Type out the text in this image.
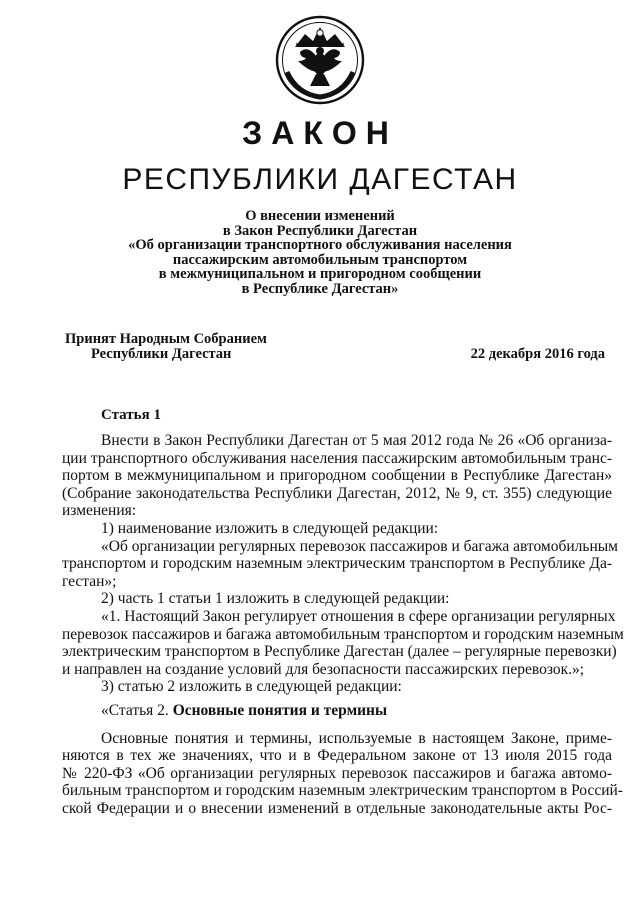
ЗАКОН
РЕСПУБЛИКИ ДАГЕСТАН
О внесении изменений
в Закон Республики Дагестан
«Об организации транспортного обслуживания населения
пассажирским автомобильным транспортом
в межмуниципальном и пригородном сообщении
в Республике Дагестан»
Принят Народным Собранием
Республики Дагестан	22 декабря 2016 года
Статья 1
Внести в Закон Республики Дагестан от 5 мая 2012 года № 26 «Об организа-
ции транспортного обслуживания населения пассажирским автомобильным транс-
портом в межмуниципальном и пригородном сообщении в Республике Дагестан»
(Собрание законодательства Республики Дагестан, 2012, № 9, ст. 355) следующие
изменения:
1) наименование изложить в следующей редакции:
«Об организации регулярных перевозок пассажиров и багажа автомобильным
транспортом и городским наземным электрическим транспортом в Республике Да-
гестан»;
2) часть 1 статьи 1 изложить в следующей редакции:
«1. Настоящий Закон регулирует отношения в сфере организации регулярных
перевозок пассажиров и багажа автомобильным транспортом и городским наземным
электрическим транспортом в Республике Дагестан (далее – регулярные перевозки)
и направлен на создание условий для безопасности пассажирских перевозок.»;
3) статью 2 изложить в следующей редакции:
«Статья 2. Основные понятия и термины
Основные понятия и термины, используемые в настоящем Законе, приме-
няются в тех же значениях, что и в Федеральном законе от 13 июля 2015 года
№ 220-ФЗ «Об организации регулярных перевозок пассажиров и багажа автомо-
бильным транспортом и городским наземным электрическим транспортом в Россий-
ской Федерации и о внесении изменений в отдельные законодательные акты Рос-
